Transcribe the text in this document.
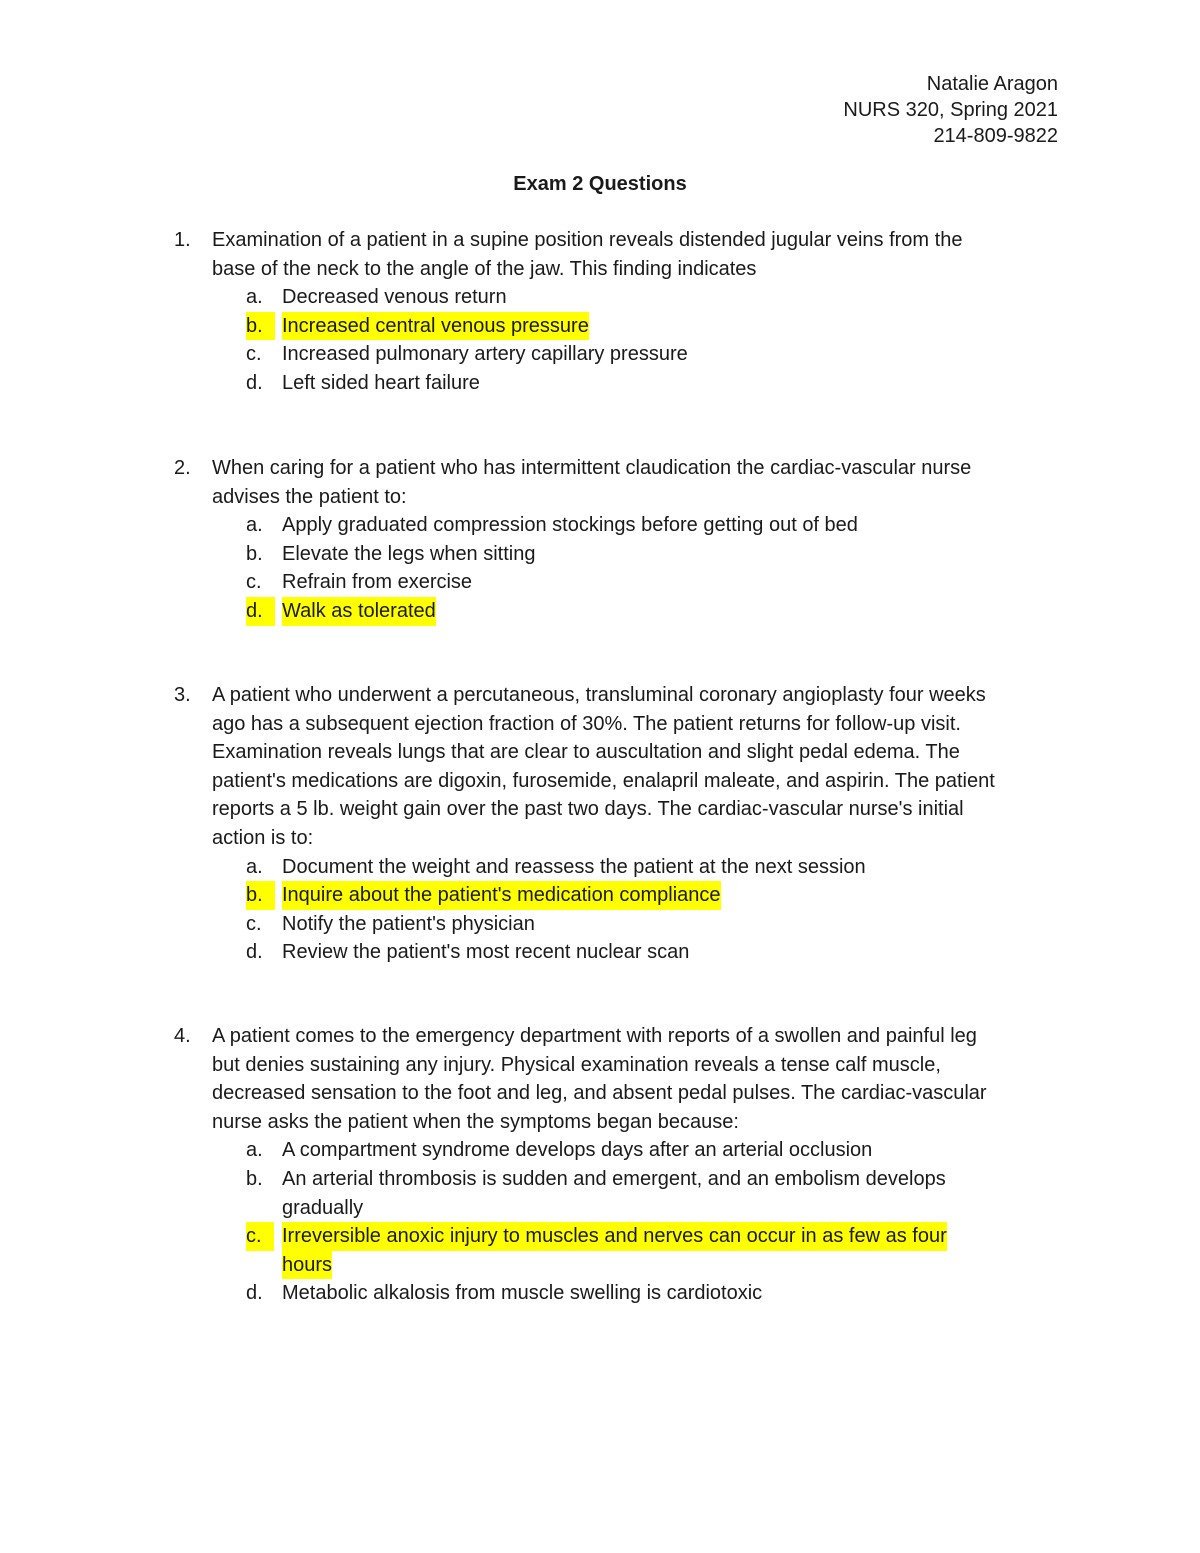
Natalie Aragon
NURS 320, Spring 2021
214-809-9822
Exam 2 Questions
1. Examination of a patient in a supine position reveals distended jugular veins from the
base of the neck to the angle of the jaw. This finding indicates
a. Decreased venous return
b. Increased central venous pressure
c. Increased pulmonary artery capillary pressure
d. Left sided heart failure
2. When caring for a patient who has intermittent claudication the cardiac-vascular nurse
advises the patient to:
a. Apply graduated compression stockings before getting out of bed
b. Elevate the legs when sitting
c. Refrain from exercise
d. Walk as tolerated
3. A patient who underwent a percutaneous, transluminal coronary angioplasty four weeks
ago has a subsequent ejection fraction of 30%. The patient returns for follow-up visit.
Examination reveals lungs that are clear to auscultation and slight pedal edema. The
patient's medications are digoxin, furosemide, enalapril maleate, and aspirin. The patient
reports a 5 lb. weight gain over the past two days. The cardiac-vascular nurse's initial
action is to:
a. Document the weight and reassess the patient at the next session
b. Inquire about the patient's medication compliance
c. Notify the patient's physician
d. Review the patient's most recent nuclear scan
4. A patient comes to the emergency department with reports of a swollen and painful leg
but denies sustaining any injury. Physical examination reveals a tense calf muscle,
decreased sensation to the foot and leg, and absent pedal pulses. The cardiac-vascular
nurse asks the patient when the symptoms began because:
a. A compartment syndrome develops days after an arterial occlusion
b. An arterial thrombosis is sudden and emergent, and an embolism develops
gradually
c.	Irreversible anoxic injury to muscles and nerves can occur in as few as four
hours
d. Metabolic alkalosis from muscle swelling is cardiotoxic
